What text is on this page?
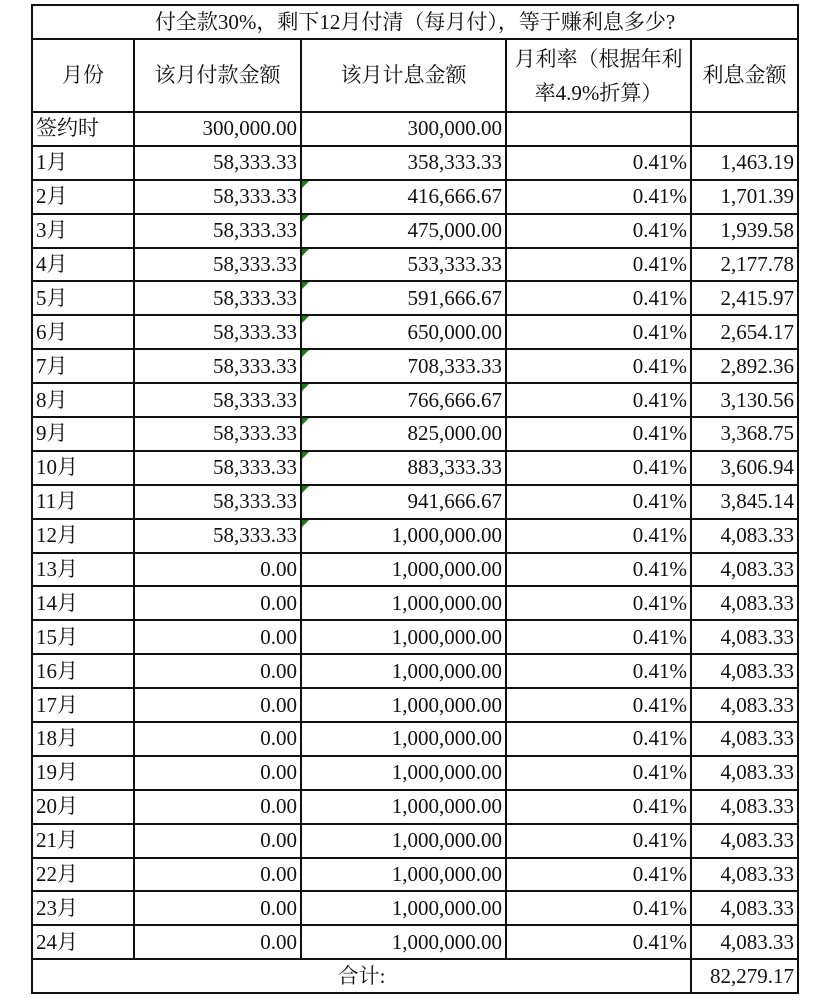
付全款30%，剩下12月付清（每月付），等于赚利息多少?				
月份	该月付款金额	该月计息金额	月利率（根据年利率4.9%折算）	利息金额
签约时	300,000.00	300,000.00		
1月	58,333.33	358,333.33	0.41%	1,463.19
2月	58,333.33	416,666.67	0.41%	1,701.39
3月	58,333.33	475,000.00	0.41%	1,939.58
4月	58,333.33	533,333.33	0.41%	2,177.78
5月	58,333.33	591,666.67	0.41%	2,415.97
6月	58,333.33	650,000.00	0.41%	2,654.17
7月	58,333.33	708,333.33	0.41%	2,892.36
8月	58,333.33	766,666.67	0.41%	3,130.56
9月	58,333.33	825,000.00	0.41%	3,368.75
10月	58,333.33	883,333.33	0.41%	3,606.94
11月	58,333.33	941,666.67	0.41%	3,845.14
12月	58,333.33	1,000,000.00	0.41%	4,083.33
13月	0.00	1,000,000.00	0.41%	4,083.33
14月	0.00	1,000,000.00	0.41%	4,083.33
15月	0.00	1,000,000.00	0.41%	4,083.33
16月	0.00	1,000,000.00	0.41%	4,083.33
17月	0.00	1,000,000.00	0.41%	4,083.33
18月	0.00	1,000,000.00	0.41%	4,083.33
19月	0.00	1,000,000.00	0.41%	4,083.33
20月	0.00	1,000,000.00	0.41%	4,083.33
21月	0.00	1,000,000.00	0.41%	4,083.33
22月	0.00	1,000,000.00	0.41%	4,083.33
23月	0.00	1,000,000.00	0.41%	4,083.33
24月	0.00	1,000,000.00	0.41%	4,083.33
合计:				82,279.17
